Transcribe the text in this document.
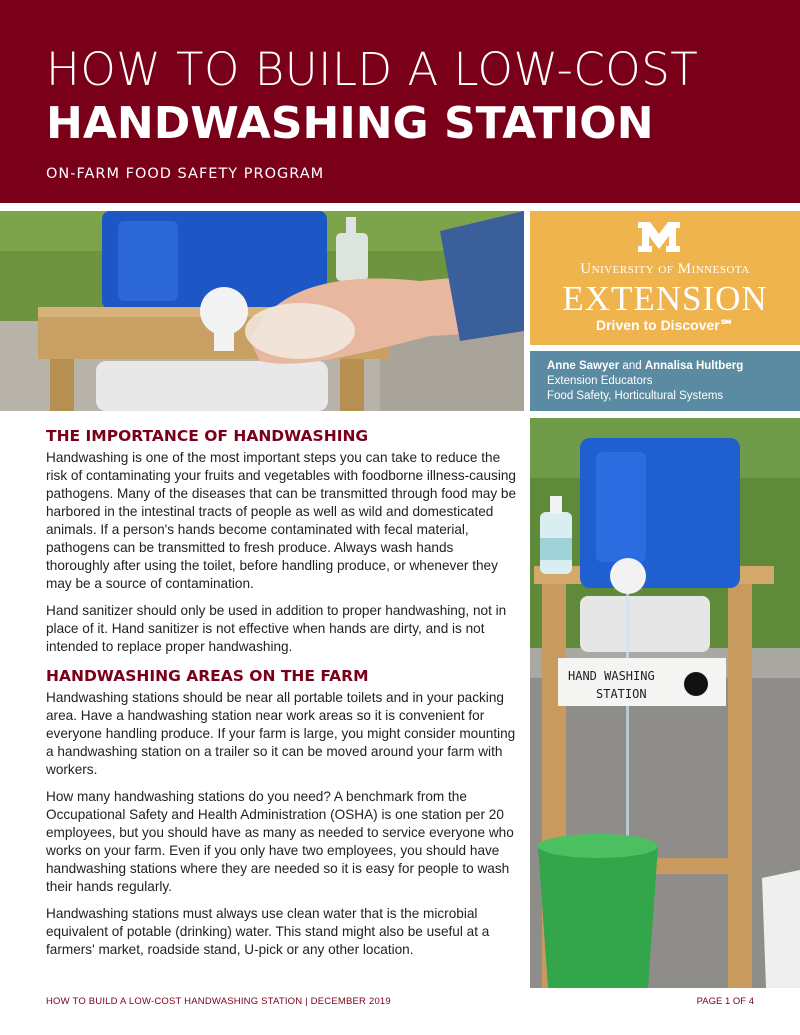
HOW TO BUILD A LOW-COST
HANDWASHING STATION
ON-FARM FOOD SAFETY PROGRAM
University of Minnesota
EXTENSION
Driven to Discover℠
Anne Sawyer and Annalisa Hultberg
Extension Educators
Food Safety, Horticultural Systems
HAND WASHING
STATION
THE IMPORTANCE OF HANDWASHING

Handwashing is one of the most important steps you can take to reduce the risk of contaminating your fruits and vegetables with foodborne illness-causing pathogens. Many of the diseases that can be transmitted through food may be harbored in the intestinal tracts of people as well as wild and domesticated animals. If a person's hands become contaminated with fecal material, pathogens can be transmitted to fresh produce. Always wash hands thoroughly after using the toilet, before handling produce, or whenever they may be a source of contamination.

Hand sanitizer should only be used in addition to proper handwashing, not in place of it. Hand sanitizer is not effective when hands are dirty, and is not intended to replace proper handwashing.

HANDWASHING AREAS ON THE FARM

Handwashing stations should be near all portable toilets and in your packing area. Have a handwashing station near work areas so it is convenient for everyone handling produce. If your farm is large, you might consider mounting a handwashing station on a trailer so it can be moved around your farm with workers.

How many handwashing stations do you need? A benchmark from the Occupational Safety and Health Administration (OSHA) is one station per 20 employees, but you should have as many as needed to service everyone who works on your farm. Even if you only have two employees, you should have handwashing stations where they are needed so it is easy for people to wash their hands regularly.

Handwashing stations must always use clean water that is the microbial equivalent of potable (drinking) water. This stand might also be useful at a farmers' market, roadside stand, U-pick or any other location.

HOW TO BUILD A LOW-COST HANDWASHING STATION | DECEMBER 2019	PAGE 1 OF 4
